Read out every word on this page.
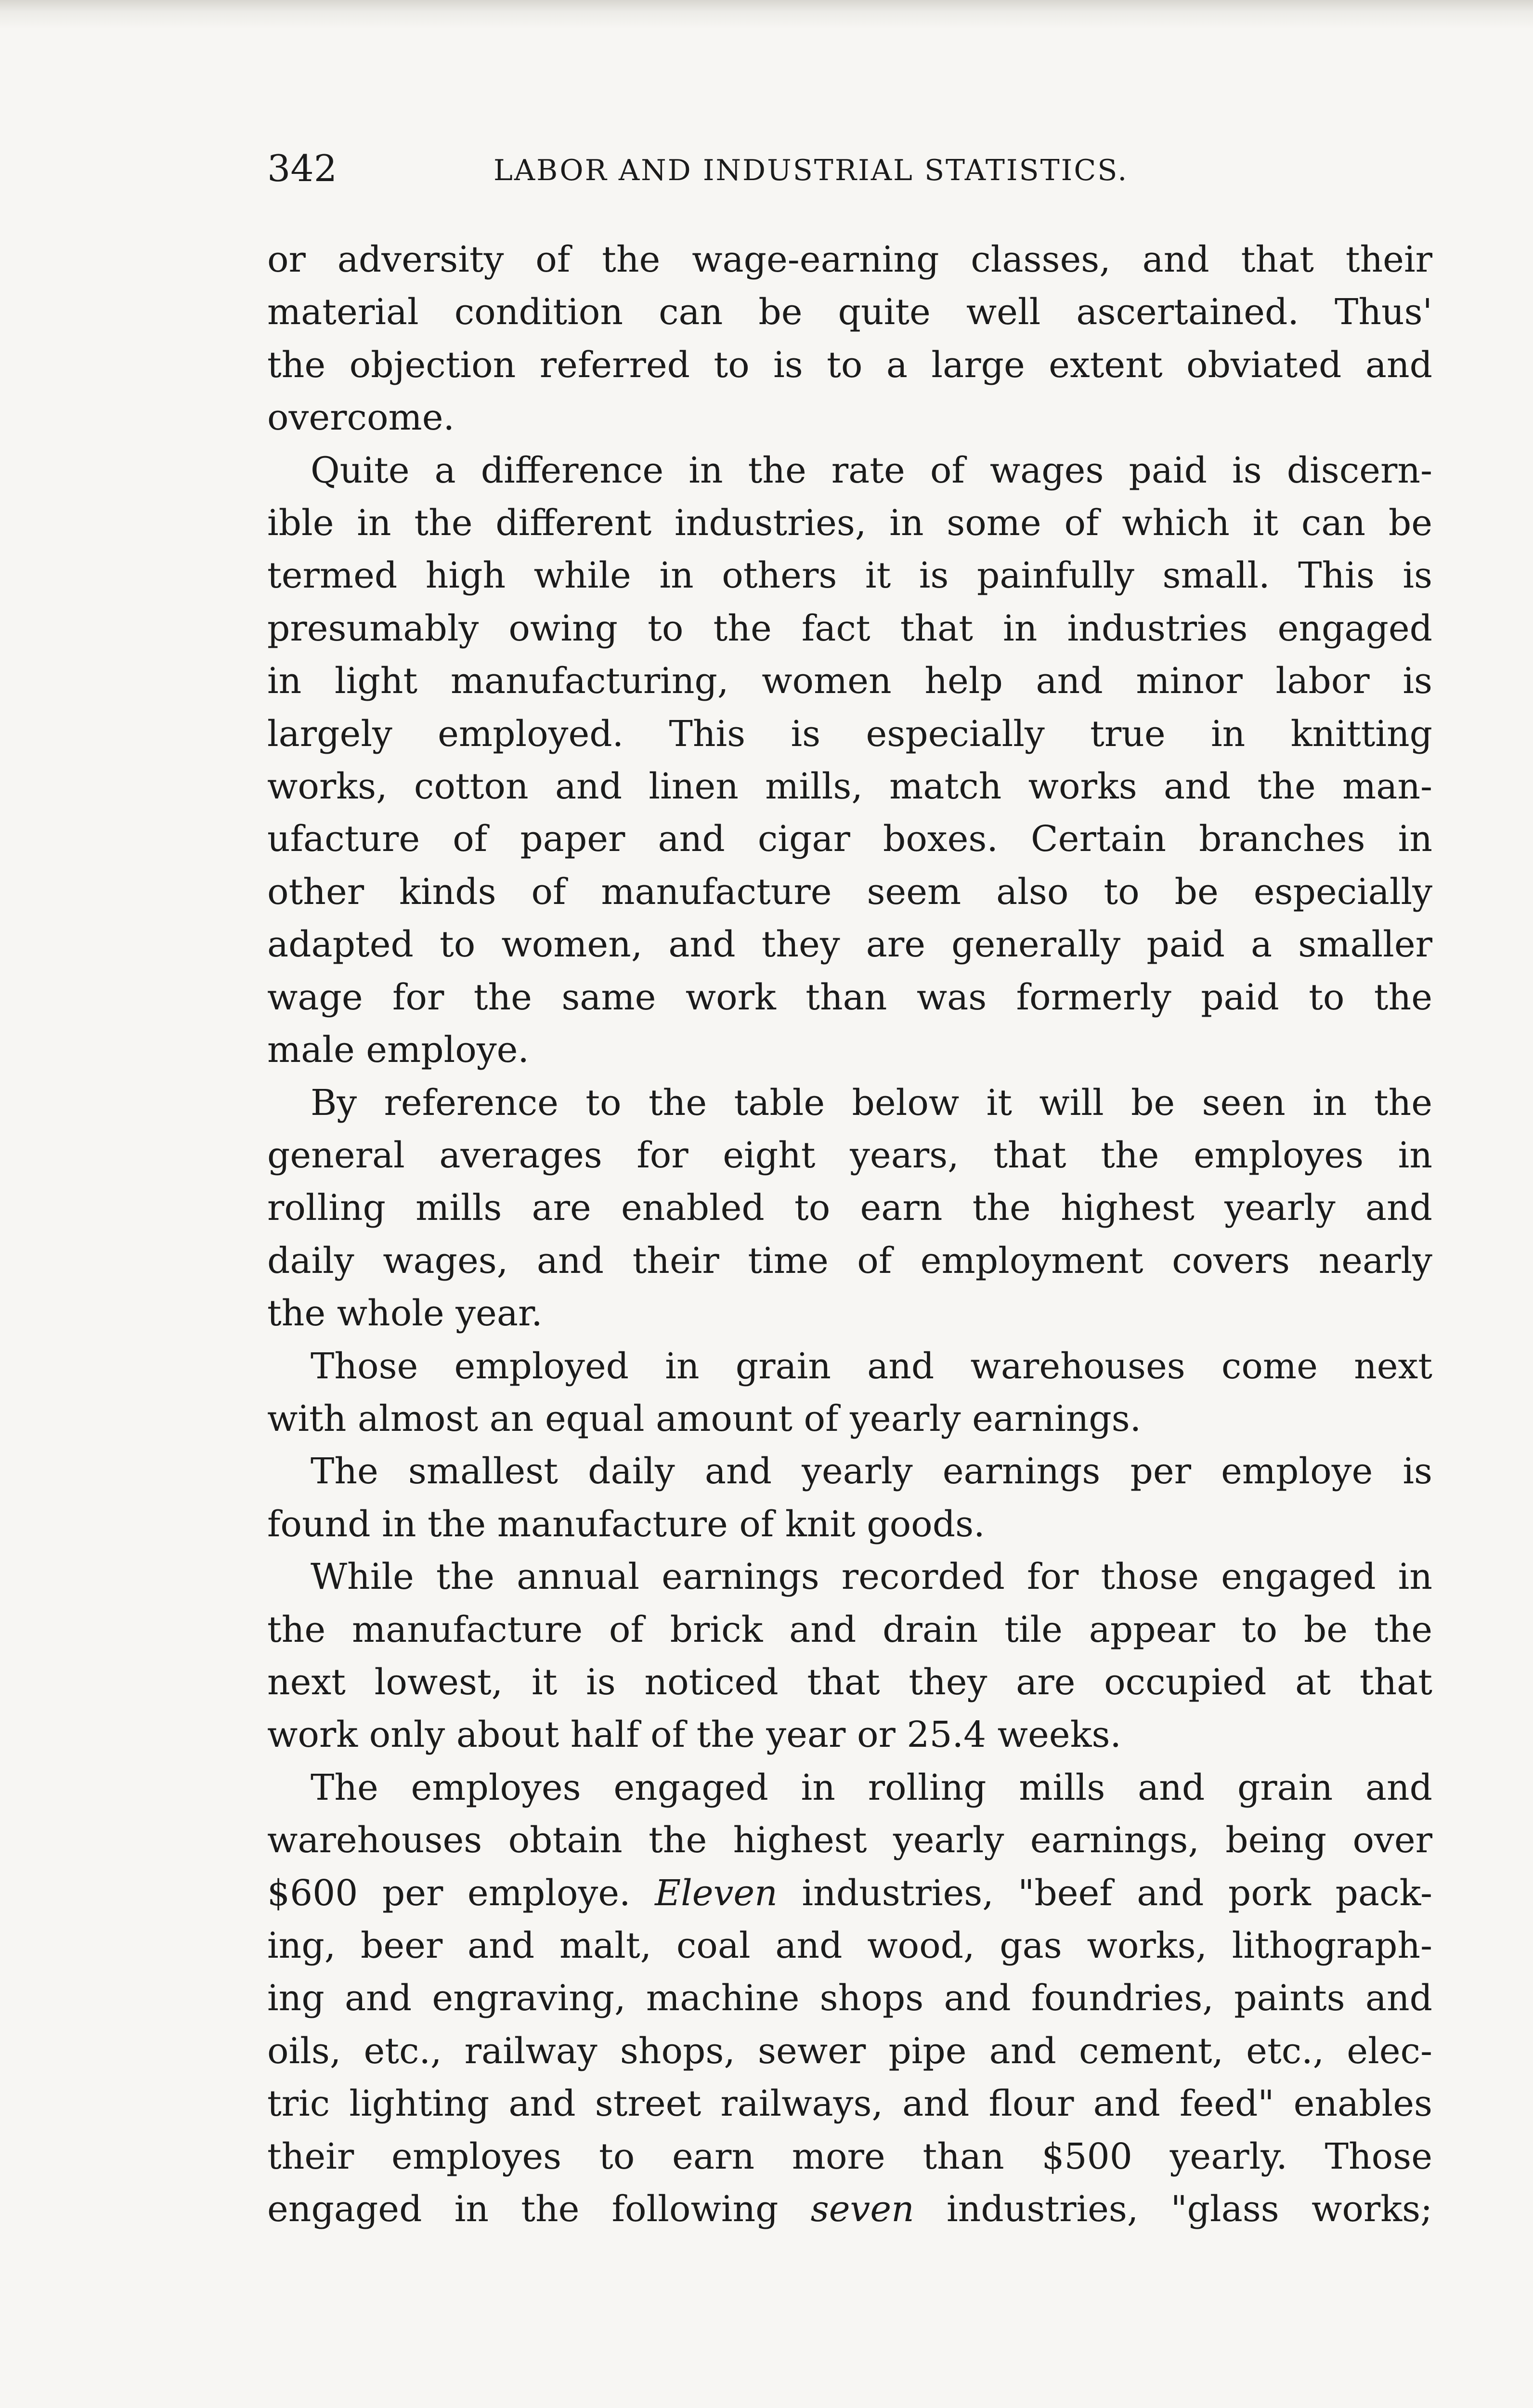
342	LABOR AND INDUSTRIAL STATISTICS.

or adversity of the wage-earning classes, and that their

material condition can be quite well ascertained. Thus'

the objection referred to is to a large extent obviated and

overcome.

Quite a difference in the rate of wages paid is discern-

ible in the different industries, in some of which it can be

termed high while in others it is painfully small. This is

presumably owing to the fact that in industries engaged

in light manufacturing, women help and minor labor is

largely employed. This is especially true in knitting

works, cotton and linen mills, match works and the man-

ufacture of paper and cigar boxes. Certain branches in

other kinds of manufacture seem also to be especially

adapted to women, and they are generally paid a smaller

wage for the same work than was formerly paid to the

male employe.

By reference to the table below it will be seen in the

general averages for eight years, that the employes in

rolling mills are enabled to earn the highest yearly and

daily wages, and their time of employment covers nearly

the whole year.

Those employed in grain and warehouses come next

with almost an equal amount of yearly earnings.

The smallest daily and yearly earnings per employe is

found in the manufacture of knit goods.

While the annual earnings recorded for those engaged in

the manufacture of brick and drain tile appear to be the

next lowest, it is noticed that they are occupied at that

work only about half of the year or 25.4 weeks.

The employes engaged in rolling mills and grain and

warehouses obtain the highest yearly earnings, being over

$600 per employe. Eleven industries, "beef and pork pack-

ing, beer and malt, coal and wood, gas works, lithograph-

ing and engraving, machine shops and foundries, paints and

oils, etc., railway shops, sewer pipe and cement, etc., elec-

tric lighting and street railways, and flour and feed" enables

their employes to earn more than $500 yearly. Those

engaged in the following seven industries, "glass works;
